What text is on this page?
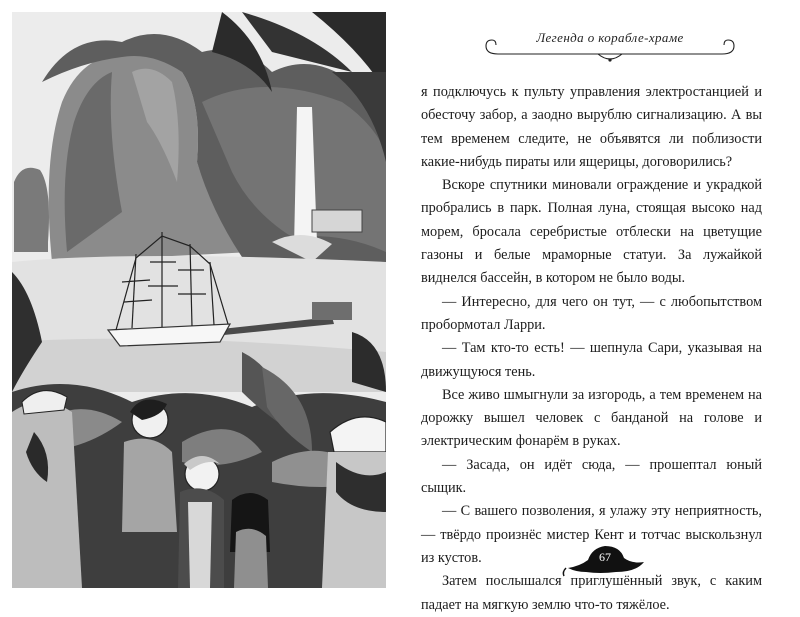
Легенда о корабле-храме

я подключусь к пульту управления электростанцией и обесточу забор, а заодно вырублю сигнализацию. А вы тем временем следите, не объявятся ли поблизости какие-нибудь пираты или ящерицы, договорились?

Вскоре спутники миновали ограждение и украдкой пробрались в парк. Полная луна, стоящая высоко над морем, бросала серебристые отблески на цветущие газоны и белые мраморные статуи. За лужайкой виднелся бассейн, в котором не было воды.

— Интересно, для чего он тут, — с любопытством пробормотал Ларри.

— Там кто-то есть! — шепнула Сари, указывая на движущуюся тень.

Все живо шмыгнули за изгородь, а тем временем на дорожку вышел человек с банданой на голове и электрическим фонарём в руках.

— Засада, он идёт сюда, — прошептал юный сыщик.

— С вашего позволения, я улажу эту неприятность, — твёрдо произнёс мистер Кент и тотчас выскользнул из кустов.

Затем послышался приглушённый звук, с каким падает на мягкую землю что-то тяжёлое.

67
